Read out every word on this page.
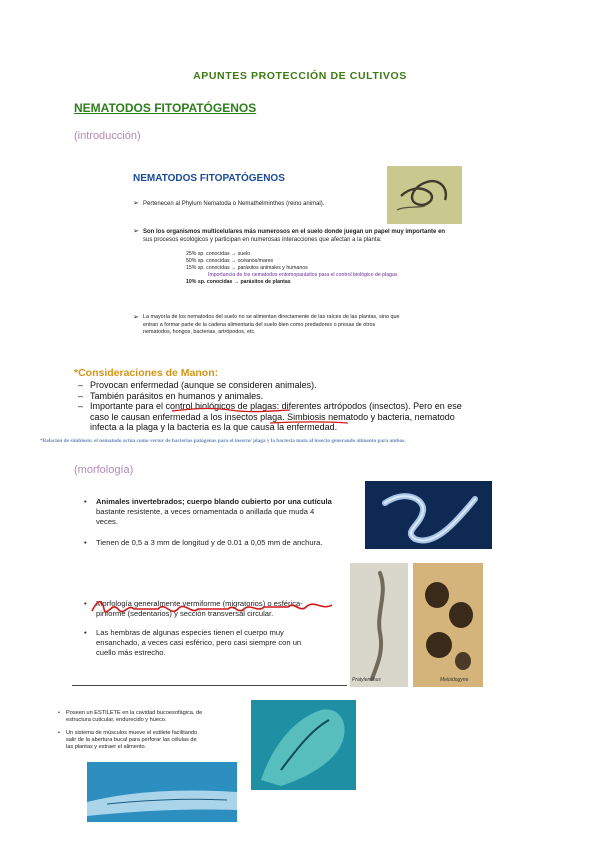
APUNTES PROTECCIÓN DE CULTIVOS
NEMATODOS FITOPATÓGENOS
(introducción)
NEMATODOS FITOPATÓGENOS
➢ Pertenecen al Phylum Nematoda o Nemathelminthes (reino animal).
➢ Son los organismos multicelulares más numerosos en el suelo donde juegan un papel muy importante en
sus procesos ecológicos y participan en numerosas interacciones que afectan a la planta:
25% sp. conocidas → suelo
50% sp. conocidas → océanos/mares
15% sp. conocidas → parásitos animales y humanos
Importancia de los nematodos entomoparásitos para el control biológico de plagas
10% sp. conocidas → parásitos de plantas
➢ La mayoría de los nematodos del suelo no se alimentan directamente de las raíces de las plantas, sino que
entran a formar parte de la cadena alimentaria del suelo bien como predadores o presas de otros
nematodos, hongos, bacterias, artrópodos, etc.
*Consideraciones de Manon:
– Provocan enfermedad (aunque se consideren animales).
– También parásitos en humanos y animales.
– Importante para el control biológicos de plagas: diferentes artrópodos (insectos). Pero en ese
caso le causan enfermedad a los insectos plaga. Simbiosis nematodo y bacteria, nematodo
infecta a la plaga y la bacteria es la que causa la enfermedad.
*Relación de simbiosis: el nematodo actúa como vector de bacterias patógenas para el insecto/ plaga y la bacteria mata al insecto generando alimento para ambos.
(morfología)
• Animales invertebrados; cuerpo blando cubierto por una cutícula
bastante resistente, a veces ornamentada o anillada que muda 4
veces.
• Tienen de 0,5 a 3 mm de longitud y de 0.01 a 0,05 mm de anchura.
• Morfología generalmente vermiforme (migratorios) o esférica-
piriforme (sedentarios) y sección transversal circular.
• Las hembras de algunas especies tienen el cuerpo muy
ensanchado, a veces casi esférico, pero casi siempre con un
cuello más estrecho.
Pratylenchus	Meloidogyne
• Poseen un ESTILETE en la cavidad bucoesofágica, de
estructura cuticular, endurecido y hueco.
• Un sistema de músculos mueve el estilete facilitando
salir de la abertura bucal para perforar las células de
las plantas y extraer el alimento.
